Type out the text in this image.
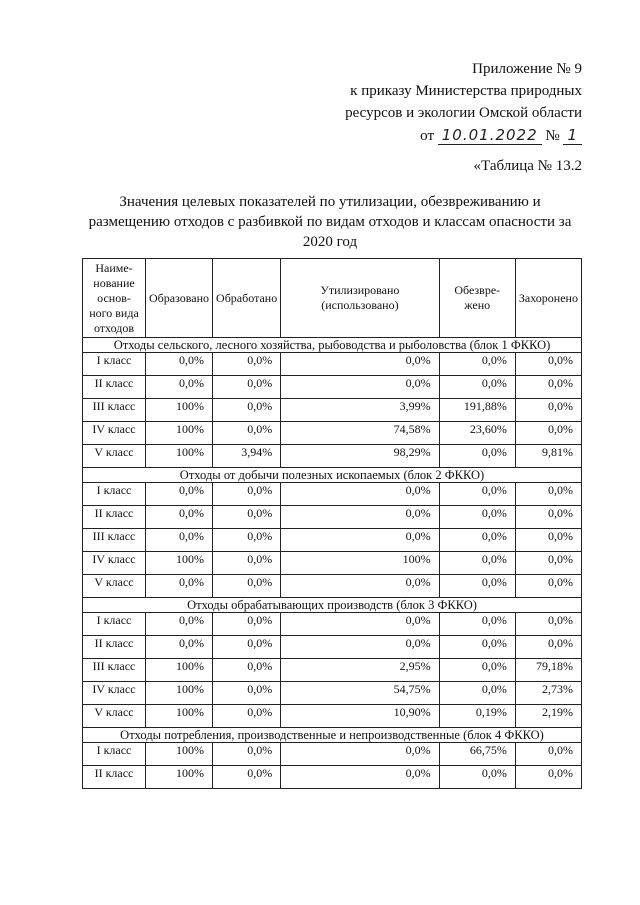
Приложение № 9
к приказу Министерства природных
ресурсов и экологии Омской области
от 10.01.2022 № 1
«Таблица № 13.2
Значения целевых показателей по утилизации, обезвреживанию и размещению отходов с разбивкой по видам отходов и классам опасности за 2020 год
Наиме-нование основ-ного вида отходов	Образовано	Обработано	Утилизировано (использовано)	Обезвре-жено	Захоронено
Отходы сельского, лесного хозяйства, рыбоводства и рыболовства (блок 1 ФККО)					
I класс	0,0%	0,0%	0,0%	0,0%	0,0%
II класс	0,0%	0,0%	0,0%	0,0%	0,0%
III класс	100%	0,0%	3,99%	191,88%	0,0%
IV класс	100%	0,0%	74,58%	23,60%	0,0%
V класс	100%	3,94%	98,29%	0,0%	9,81%
Отходы от добычи полезных ископаемых (блок 2 ФККО)					
I класс	0,0%	0,0%	0,0%	0,0%	0,0%
II класс	0,0%	0,0%	0,0%	0,0%	0,0%
III класс	0,0%	0,0%	0,0%	0,0%	0,0%
IV класс	100%	0,0%	100%	0,0%	0,0%
V класс	0,0%	0,0%	0,0%	0,0%	0,0%
Отходы обрабатывающих производств (блок 3 ФККО)					
I класс	0,0%	0,0%	0,0%	0,0%	0,0%
II класс	0,0%	0,0%	0,0%	0,0%	0,0%
III класс	100%	0,0%	2,95%	0,0%	79,18%
IV класс	100%	0,0%	54,75%	0,0%	2,73%
V класс	100%	0,0%	10,90%	0,19%	2,19%
Отходы потребления, производственные и непроизводственные (блок 4 ФККО)					
I класс	100%	0,0%	0,0%	66,75%	0,0%
II класс	100%	0,0%	0,0%	0,0%	0,0%
